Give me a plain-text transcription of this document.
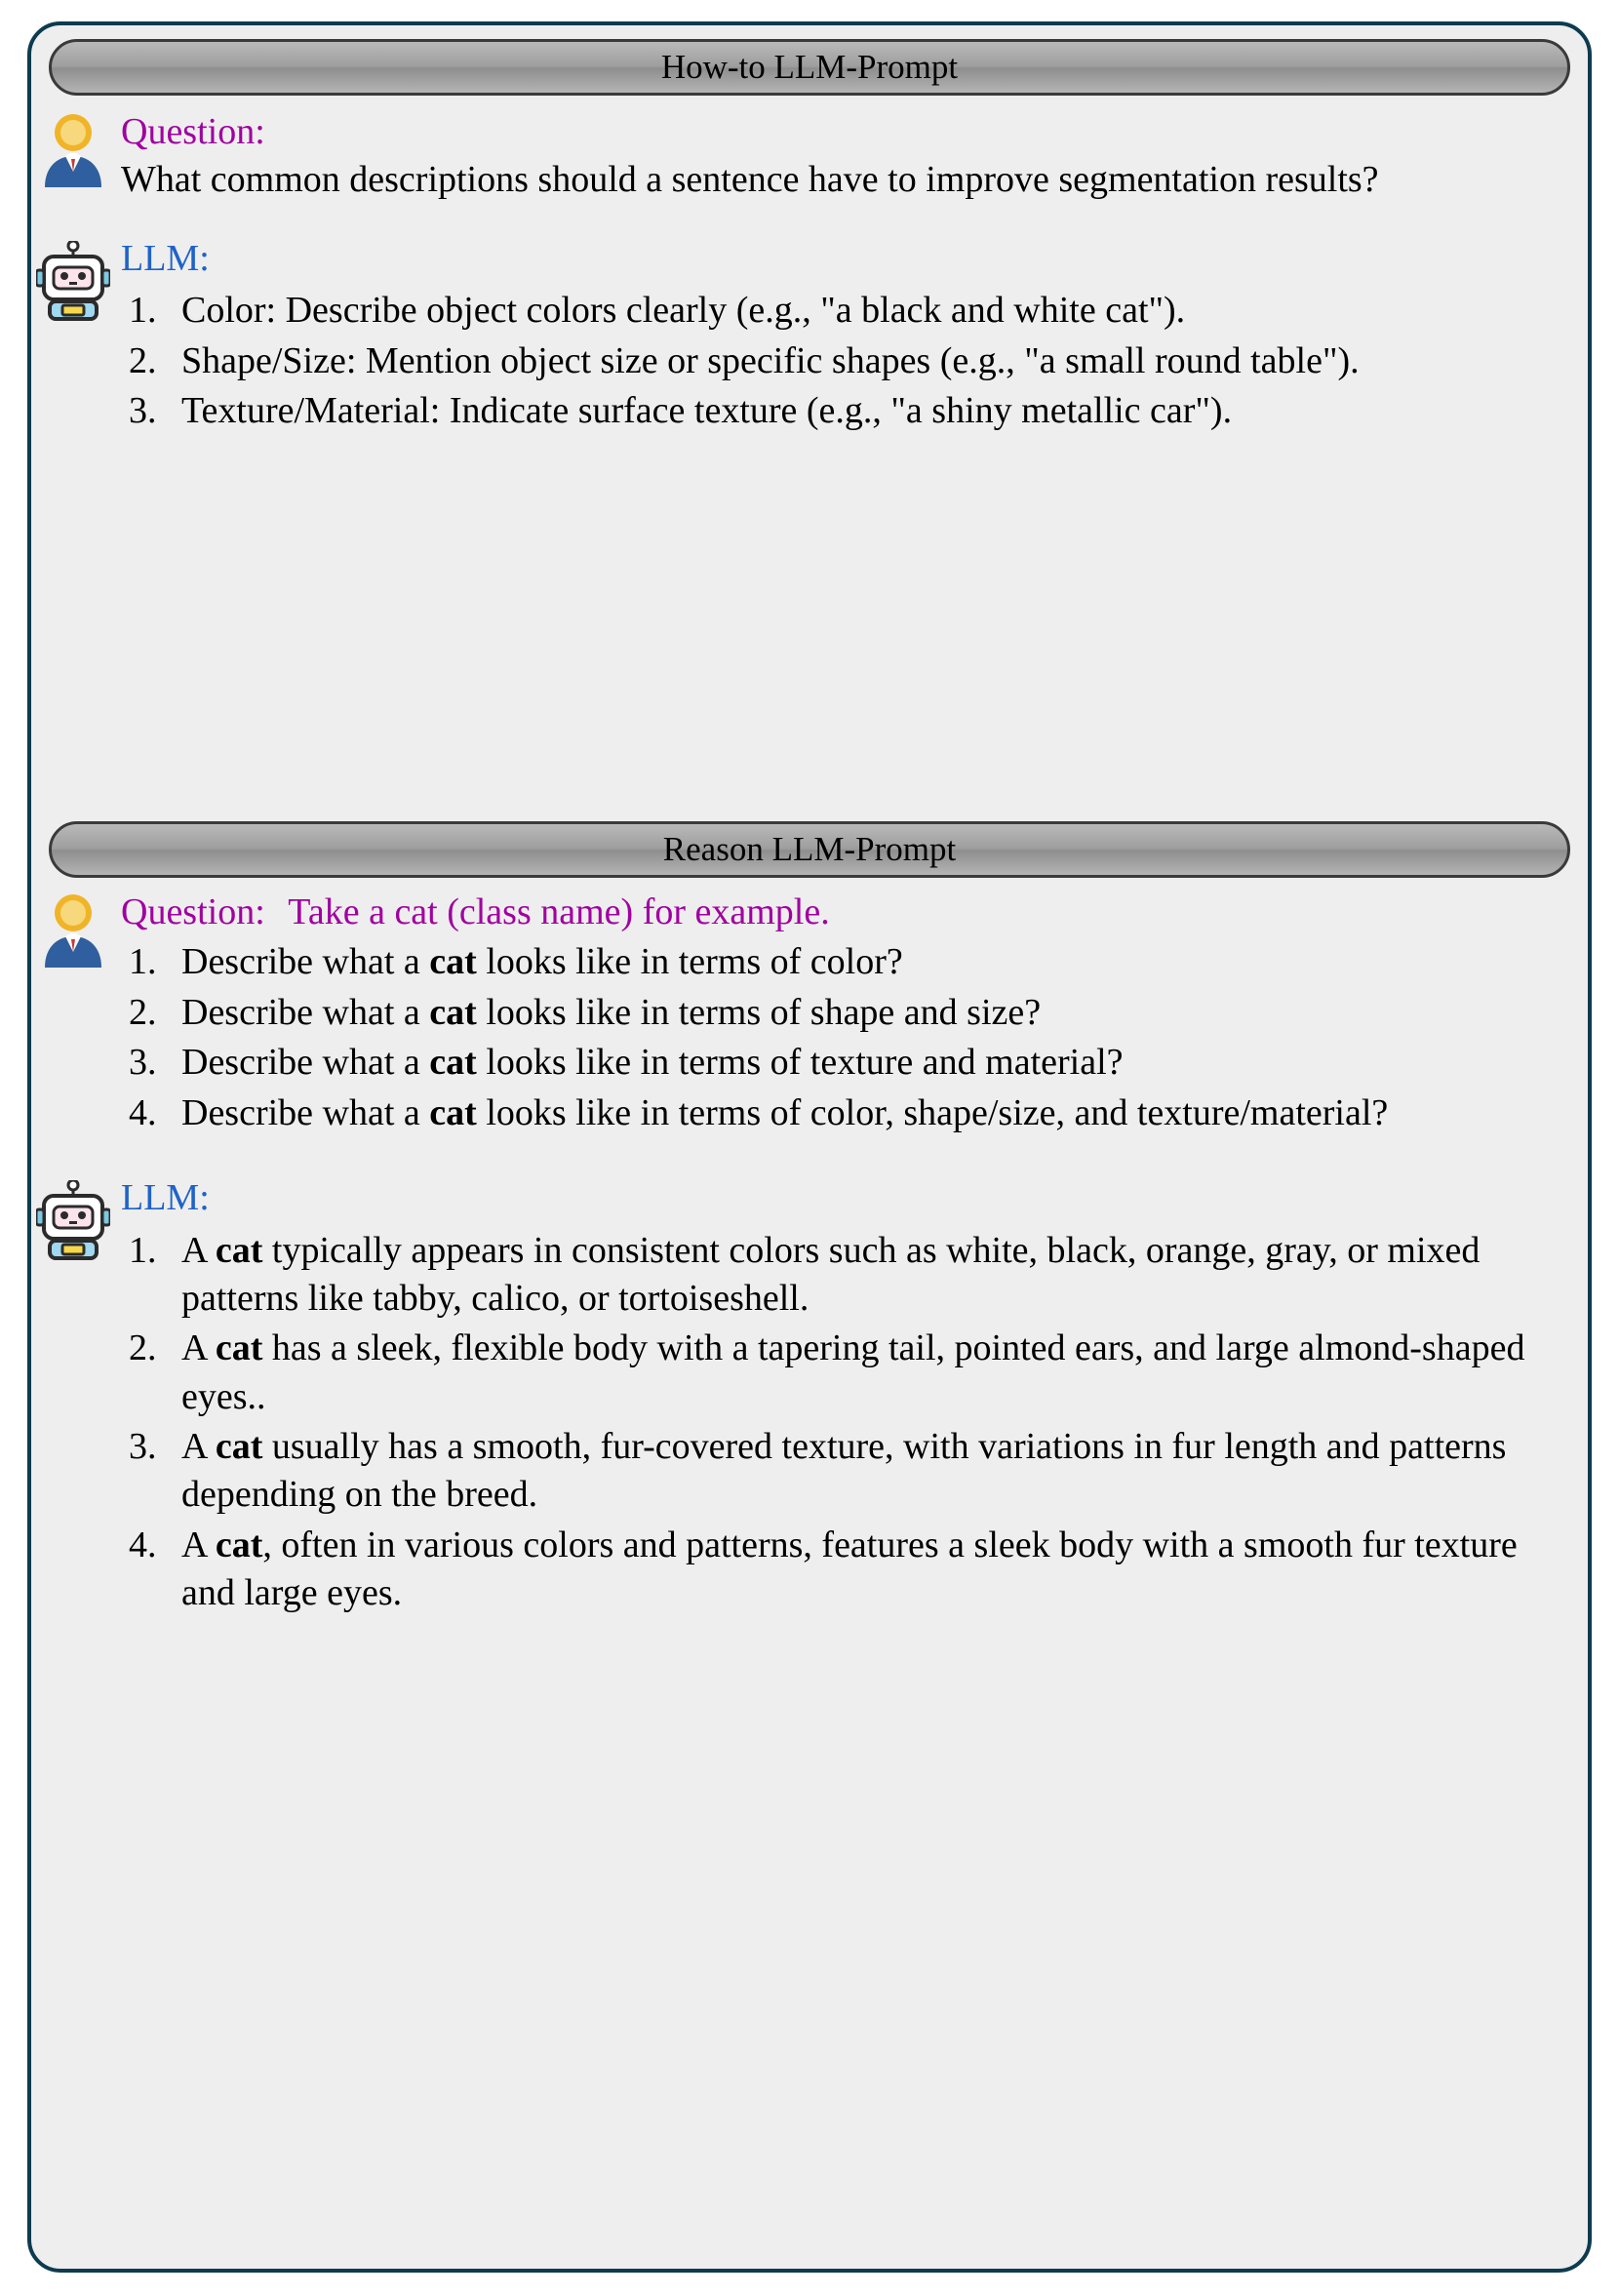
How-to LLM-Prompt
Question:
What common descriptions should a sentence have to improve segmentation results?
LLM:
1. Color: Describe object colors clearly (e.g., "a black and white cat").
2. Shape/Size: Mention object size or specific shapes (e.g., "a small round table").
3. Texture/Material: Indicate surface texture (e.g., "a shiny metallic car").
Reason LLM-Prompt
Question: Take a cat (class name) for example.
1. Describe what a cat looks like in terms of color?
2. Describe what a cat looks like in terms of shape and size?
3. Describe what a cat looks like in terms of texture and material?
4. Describe what a cat looks like in terms of color, shape/size, and texture/material?
LLM:
1. A cat typically appears in consistent colors such as white, black, orange, gray, or mixed patterns like tabby, calico, or tortoiseshell.
2. A cat has a sleek, flexible body with a tapering tail, pointed ears, and large almond-shaped eyes..
3. A cat usually has a smooth, fur-covered texture, with variations in fur length and patterns depending on the breed.
4. A cat, often in various colors and patterns, features a sleek body with a smooth fur texture and large eyes.
